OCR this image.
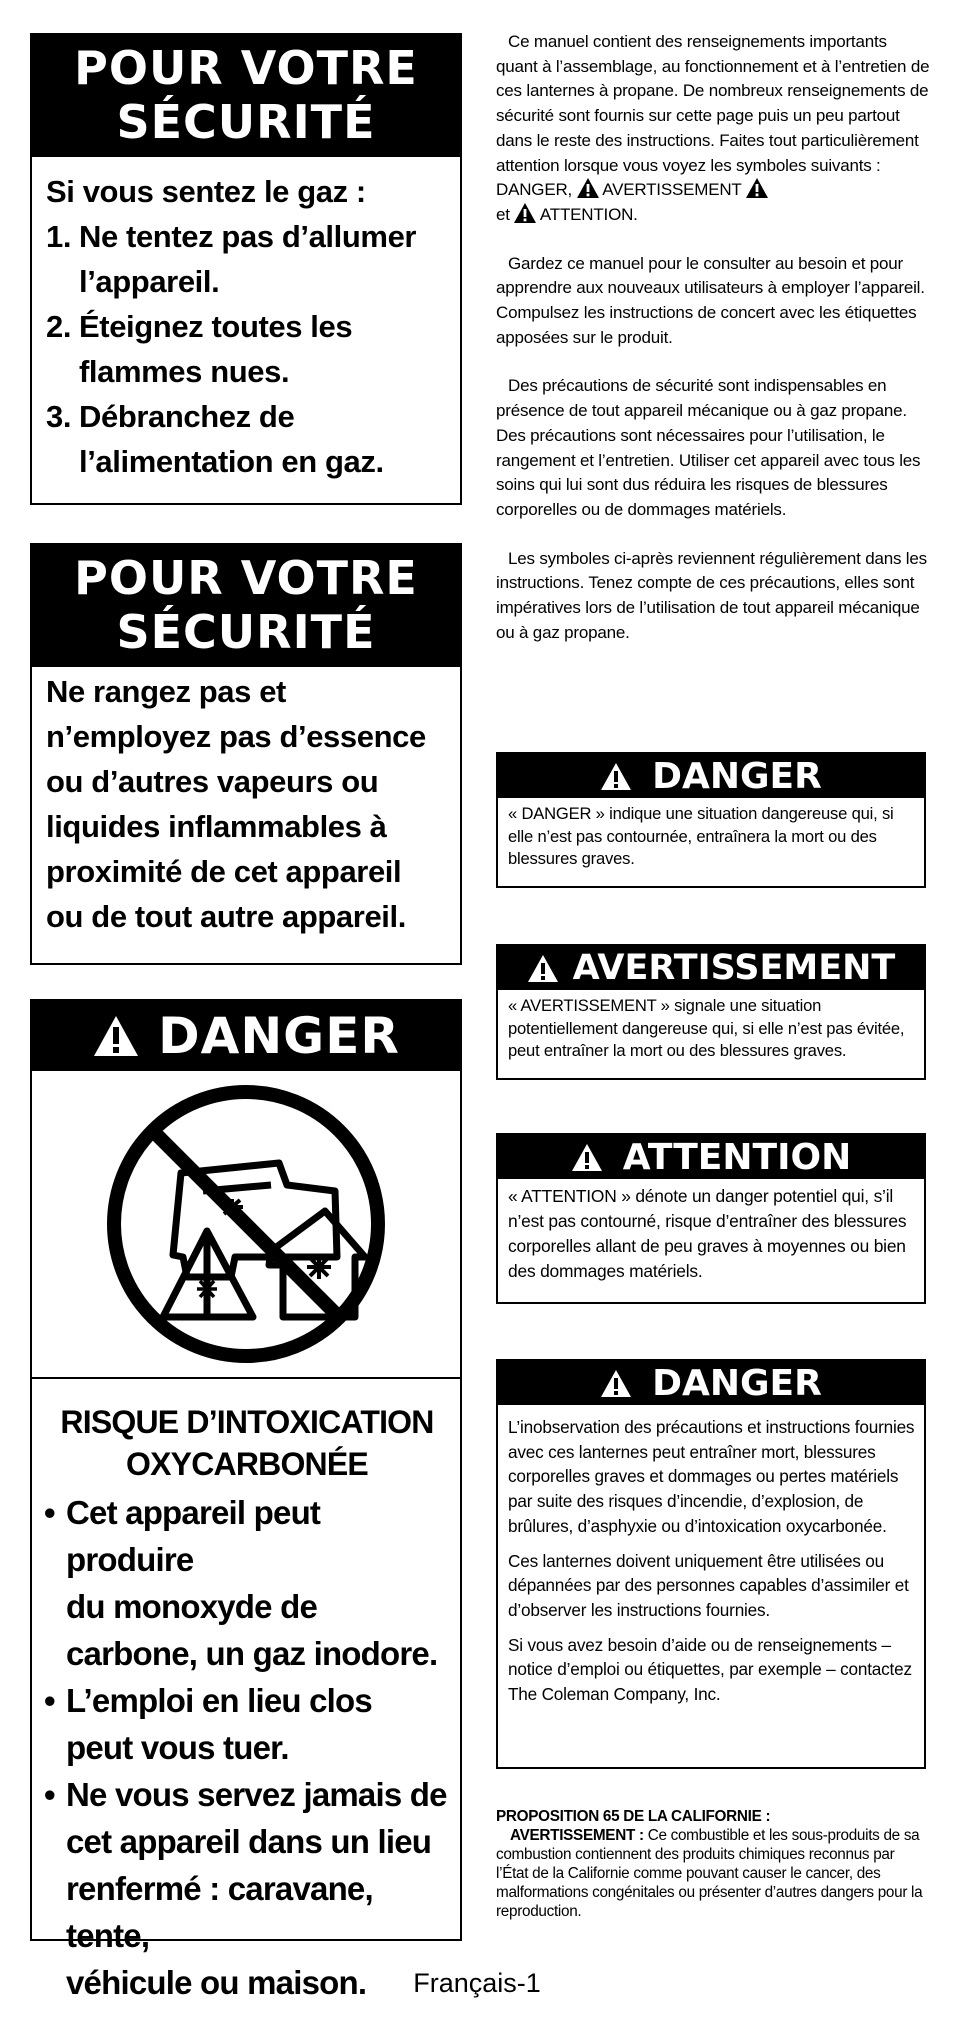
POUR VOTRE
SÉCURITÉ
Si vous sentez le gaz :
1. Ne tentez pas d’allumer
l’appareil.
2. Éteignez toutes les
flammes nues.
3. Débranchez de
l’alimentation en gaz.
POUR VOTRE
SÉCURITÉ
Ne rangez pas et
n’employez pas d’essence
ou d’autres vapeurs ou
liquides inflammables à
proximité de cet appareil
ou de tout autre appareil.
DANGER
RISQUE D’INTOXICATION
OXYCARBONÉE
• Cet appareil peut produire
du monoxyde de
carbone, un gaz inodore.
• L’emploi en lieu clos
peut vous tuer.
• Ne vous servez jamais de
cet appareil dans un lieu
renfermé : caravane, tente,
véhicule ou maison.

Ce manuel contient des renseignements importants quant à l’assemblage, au fonctionnement et à l’entretien de ces lanternes à propane. De nombreux renseignements de sécurité sont fournis sur cette page puis un peu partout dans le reste des instructions. Faites tout particulièrement attention lorsque vous voyez les symboles suivants : DANGER, AVERTISSEMENT
et ATTENTION.

Gardez ce manuel pour le consulter au besoin et pour apprendre aux nouveaux utilisateurs à employer l’appareil. Compulsez les instructions de concert avec les étiquettes apposées sur le produit.

Des précautions de sécurité sont indispensables en présence de tout appareil mécanique ou à gaz propane. Des précautions sont nécessaires pour l’utilisation, le rangement et l’entretien. Utiliser cet appareil avec tous les soins qui lui sont dus réduira les risques de blessures corporelles ou de dommages matériels.

Les symboles ci-après reviennent régulièrement dans les instructions. Tenez compte de ces précautions, elles sont impératives lors de l’utilisation de tout appareil mécanique ou à gaz propane.

DANGER
« DANGER » indique une situation dangereuse qui, si elle n’est pas contournée, entraînera la mort ou des blessures graves.
AVERTISSEMENT
« AVERTISSEMENT » signale une situation potentiellement dangereuse qui, si elle n’est pas évitée, peut entraîner la mort ou des blessures graves.
ATTENTION
« ATTENTION » dénote un danger potentiel qui, s’il n’est pas contourné, risque d’entraîner des blessures corporelles allant de peu graves à moyennes ou bien des dommages matériels.
DANGER

L’inobservation des précautions et instructions fournies avec ces lanternes peut entraîner mort, blessures corporelles graves et dommages ou pertes matériels par suite des risques d’incendie, d’explosion, de brûlures, d’asphyxie ou d’intoxication oxycarbonée.

Ces lanternes doivent uniquement être utilisées ou dépannées par des personnes capables d’assimiler et d’observer les instructions fournies.

Si vous avez besoin d’aide ou de renseignements – notice d’emploi ou étiquettes, par exemple – contactez The Coleman Company, Inc.

PROPOSITION 65 DE LA CALIFORNIE :
AVERTISSEMENT : Ce combustible et les sous-produits de sa combustion contiennent des produits chimiques reconnus par l’État de la Californie comme pouvant causer le cancer, des malformations congénitales ou présenter d’autres dangers pour la reproduction.
Français-1
